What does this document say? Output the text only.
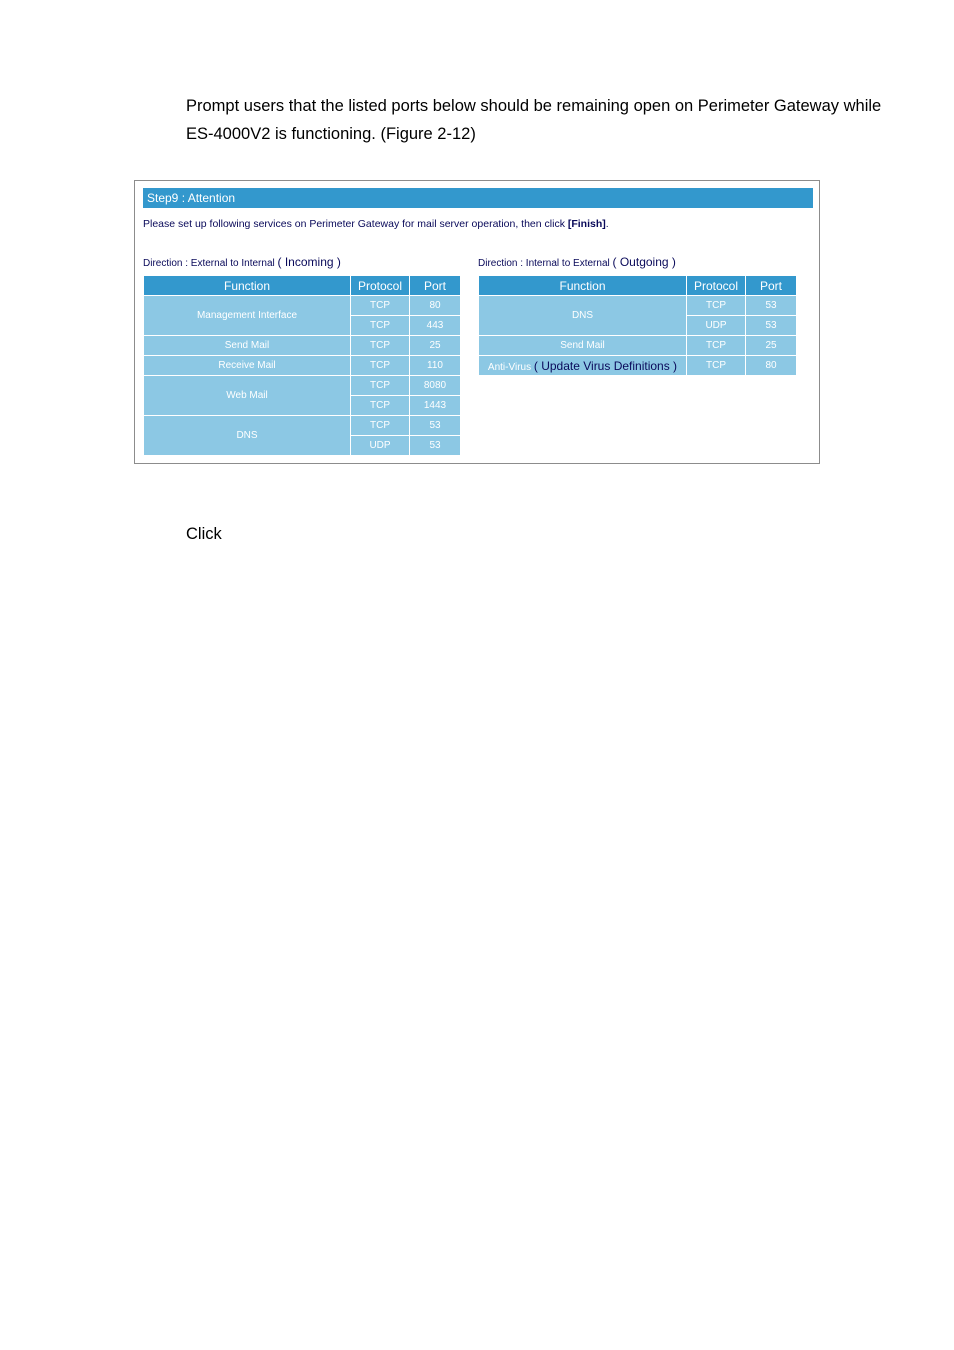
Prompt users that the listed ports below should be remaining open on Perimeter Gateway while

ES-4000V2 is functioning. (Figure 2-12)

Step9 : Attention
Please set up following services on Perimeter Gateway for mail server operation, then click [Finish].
Direction : External to Internal ( Incoming )	Direction : Internal to External ( Outgoing )
Function	Protocol	Port
Management Interface	TCP	80
	TCP	443
Send Mail	TCP	25
Receive Mail	TCP	110
Web Mail	TCP	8080
	TCP	1443
DNS	TCP	53
	UDP	53
Function	Protocol	Port
DNS	TCP	53
	UDP	53
Send Mail	TCP	25
Anti-Virus ( Update Virus Definitions )	TCP	80
Click
